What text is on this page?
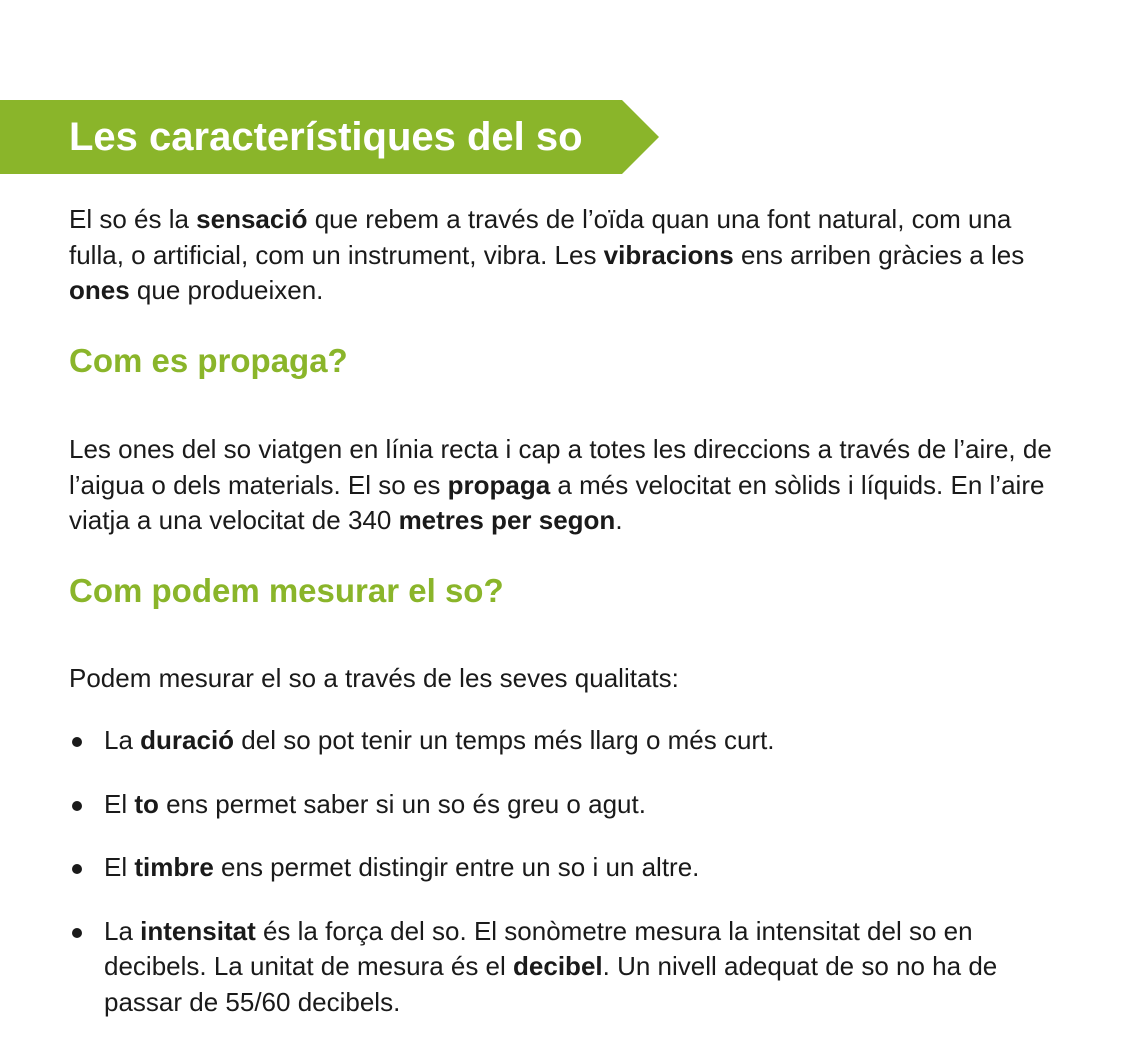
Les característiques del so

El so és la sensació que rebem a través de l’oïda quan una font natural, com una fulla, o artificial, com un instrument, vibra. Les vibracions ens arriben gràcies a les ones que produeixen.

Com es propaga?

Les ones del so viatgen en línia recta i cap a totes les direccions a través de l’aire, de l’aigua o dels materials. El so es propaga a més velocitat en sòlids i líquids. En l’aire viatja a una velocitat de 340 metres per segon.

Com podem mesurar el so?

Podem mesurar el so a través de les seves qualitats:

La duració del so pot tenir un temps més llarg o més curt.
El to ens permet saber si un so és greu o agut.
El timbre ens permet distingir entre un so i un altre.
La intensitat és la força del so. El sonòmetre mesura la intensitat del so en decibels. La unitat de mesura és el decibel. Un nivell adequat de so no ha de passar de 55/60 decibels.
